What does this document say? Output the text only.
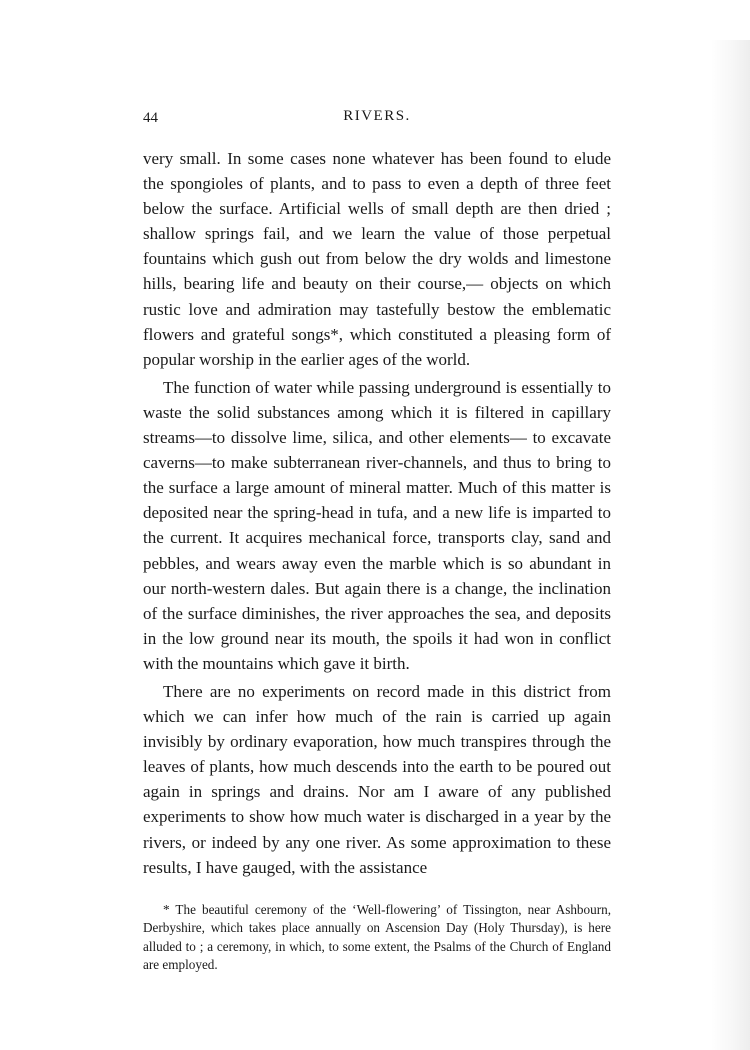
44	RIVERS.

very small. In some cases none whatever has been found to elude the spongioles of plants, and to pass to even a depth of three feet below the surface. Artificial wells of small depth are then dried ; shallow springs fail, and we learn the value of those perpetual fountains which gush out from below the dry wolds and limestone hills, bearing life and beauty on their course,— objects on which rustic love and admiration may tastefully bestow the emblematic flowers and grateful songs*, which constituted a pleasing form of popular worship in the earlier ages of the world.

The function of water while passing underground is essentially to waste the solid substances among which it is filtered in capillary streams—to dissolve lime, silica, and other elements— to excavate caverns—to make subterranean river-channels, and thus to bring to the surface a large amount of mineral matter. Much of this matter is deposited near the spring-head in tufa, and a new life is imparted to the current. It acquires mechanical force, transports clay, sand and pebbles, and wears away even the marble which is so abundant in our north-western dales. But again there is a change, the inclination of the surface diminishes, the river approaches the sea, and deposits in the low ground near its mouth, the spoils it had won in conflict with the mountains which gave it birth.

There are no experiments on record made in this district from which we can infer how much of the rain is carried up again invisibly by ordinary evaporation, how much transpires through the leaves of plants, how much descends into the earth to be poured out again in springs and drains. Nor am I aware of any published experiments to show how much water is discharged in a year by the rivers, or indeed by any one river. As some approximation to these results, I have gauged, with the assistance

* The beautiful ceremony of the ‘Well-flowering’ of Tissington, near Ashbourn, Derbyshire, which takes place annually on Ascension Day (Holy Thursday), is here alluded to ; a ceremony, in which, to some extent, the Psalms of the Church of England are employed.
